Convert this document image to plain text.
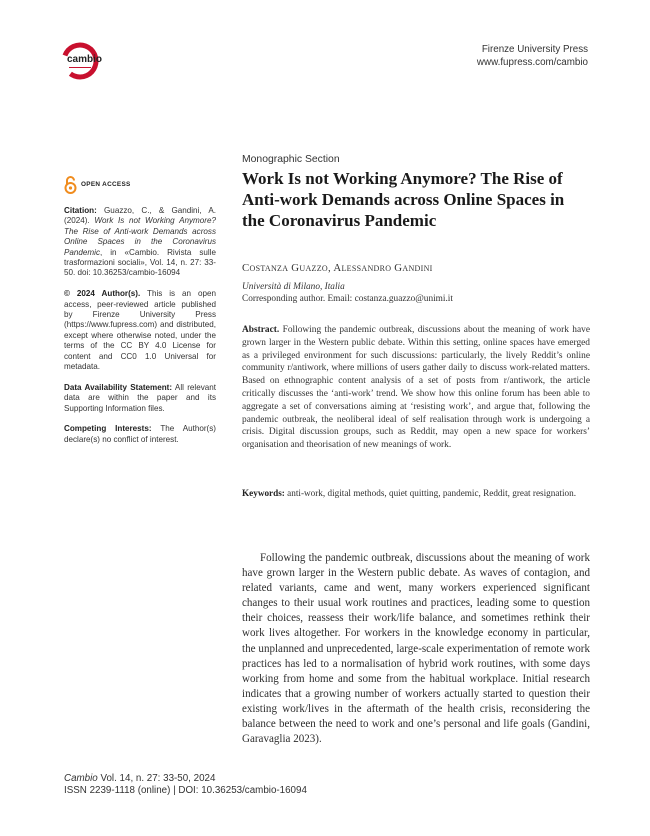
cambio
Firenze University Press
www.fupress.com/cambio
OPEN ACCESS

Citation: Guazzo, C., & Gandini, A. (2024). Work Is not Working Anymore? The Rise of Anti-work Demands across Online Spaces in the Coronavirus Pandemic, in «Cambio. Rivista sulle trasformazioni sociali», Vol. 14, n. 27: 33-50. doi: 10.36253/cambio-16094

© 2024 Author(s). This is an open access, peer-reviewed article published by Firenze University Press (https://www.fupress.com) and distributed, except where otherwise noted, under the terms of the CC BY 4.0 License for content and CC0 1.0 Universal for metadata.

Data Availability Statement: All relevant data are within the paper and its Supporting Information files.

Competing Interests: The Author(s) declare(s) no conflict of interest.

Monographic Section
Work Is not Working Anymore? The Rise of Anti-work Demands across Online Spaces in the Coronavirus Pandemic
Costanza Guazzo, Alessandro Gandini
Università di Milano, Italia
Corresponding author. Email: costanza.guazzo@unimi.it
Abstract. Following the pandemic outbreak, discussions about the meaning of work have grown larger in the Western public debate. Within this setting, online spaces have emerged as a privileged environment for such discussions: particularly, the lively Reddit’s online community r/antiwork, where millions of users gather daily to discuss work-related matters. Based on ethnographic content analysis of a set of posts from r/antiwork, the article critically discusses the ‘anti-work’ trend. We show how this online forum has been able to aggregate a set of conversations aiming at ‘resisting work’, and argue that, following the pandemic outbreak, the neoliberal ideal of self realisation through work is undergoing a crisis. Digital discussion groups, such as Reddit, may open a new space for workers’ organisation and theorisation of new meanings of work.
Keywords: anti-work, digital methods, quiet quitting, pandemic, Reddit, great resignation.
Following the pandemic outbreak, discussions about the meaning of work have grown larger in the Western public debate. As waves of contagion, and related variants, came and went, many workers experienced significant changes to their usual work routines and practices, leading some to question their choices, reassess their work/life balance, and sometimes rethink their work lives altogether. For workers in the knowledge economy in particular, the unplanned and unprecedented, large-scale experimentation of remote work practices has led to a normalisation of hybrid work routines, with some days working from home and some from the habitual workplace. Initial research indicates that a growing number of workers actually started to question their existing work/lives in the aftermath of the health crisis, reconsidering the balance between the need to work and one’s personal and life goals (Gandini, Garavaglia 2023).
Cambio Vol. 14, n. 27: 33-50, 2024
ISSN 2239-1118 (online) | DOI: 10.36253/cambio-16094
